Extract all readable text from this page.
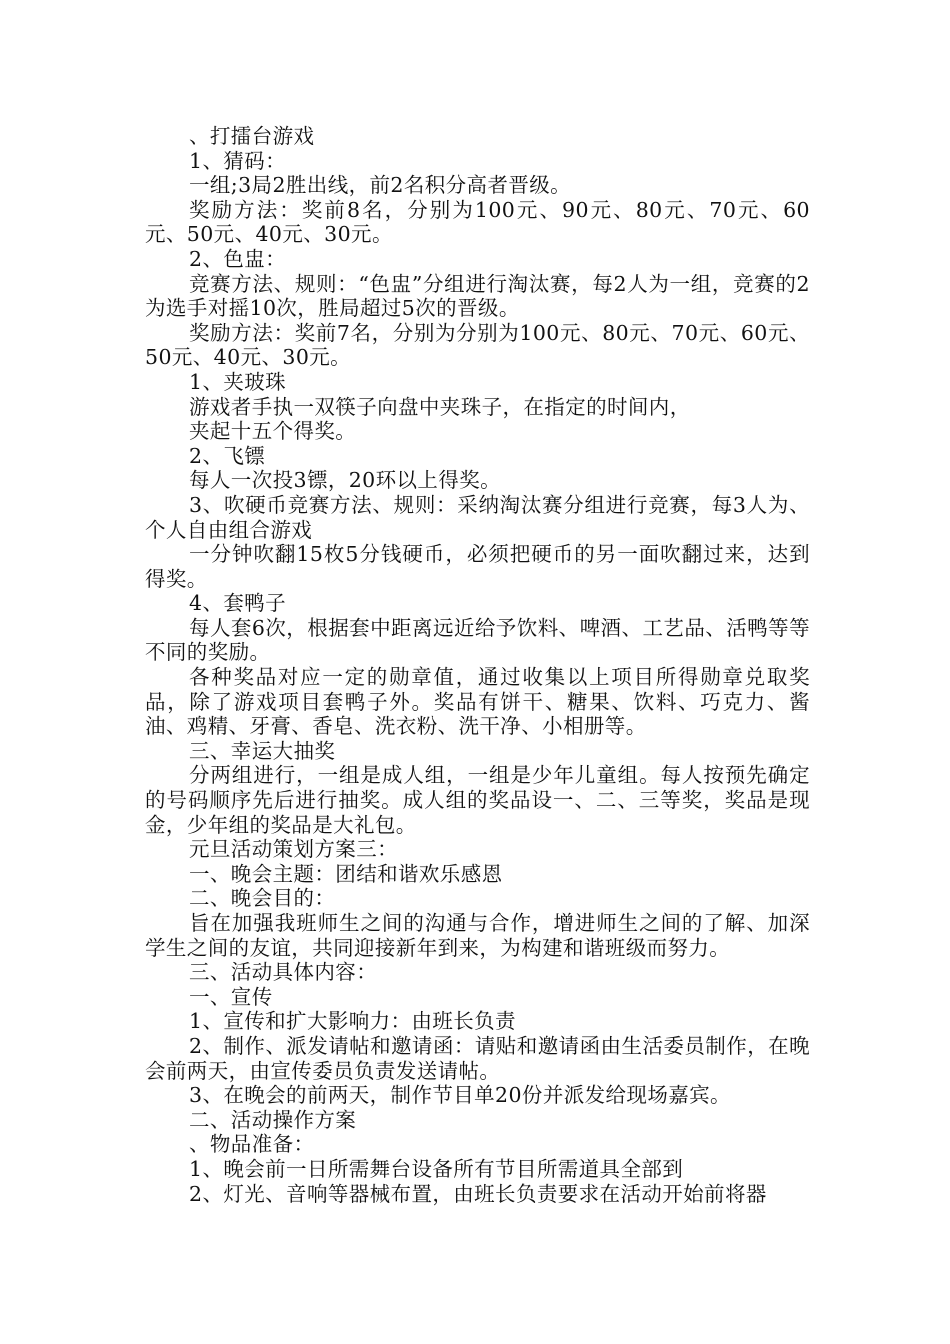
、打擂台游戏

1、猜码：

一组;3局2胜出线，前2名积分高者晋级。

奖励方法：奖前8名，分别为100元、90元、80元、70元、60元、50元、40元、30元。

2、色盅：

竞赛方法、规则：“色盅”分组进行淘汰赛，每2人为一组，竞赛的2为选手对摇10次，胜局超过5次的晋级。

奖励方法：奖前7名，分别为分别为100元、80元、70元、60元、50元、40元、30元。

1、夹玻珠

游戏者手执一双筷子向盘中夹珠子，在指定的时间内，

夹起十五个得奖。

2、飞镖

每人一次投3镖，20环以上得奖。

3、吹硬币竞赛方法、规则：采纳淘汰赛分组进行竞赛，每3人为、个人自由组合游戏

一分钟吹翻15枚5分钱硬币，必须把硬币的另一面吹翻过来，达到得奖。

4、套鸭子

每人套6次，根据套中距离远近给予饮料、啤酒、工艺品、活鸭等等不同的奖励。

各种奖品对应一定的勋章值，通过收集以上项目所得勋章兑取奖品，除了游戏项目套鸭子外。奖品有饼干、糖果、饮料、巧克力、酱油、鸡精、牙膏、香皂、洗衣粉、洗干净、小相册等。

三、幸运大抽奖

分两组进行，一组是成人组，一组是少年儿童组。每人按预先确定的号码顺序先后进行抽奖。成人组的奖品设一、二、三等奖，奖品是现金，少年组的奖品是大礼包。

元旦活动策划方案三：

一、晚会主题：团结和谐欢乐感恩

二、晚会目的：

旨在加强我班师生之间的沟通与合作，增进师生之间的了解、加深学生之间的友谊，共同迎接新年到来，为构建和谐班级而努力。

三、活动具体内容：

一、宣传

1、宣传和扩大影响力：由班长负责

2、制作、派发请帖和邀请函：请贴和邀请函由生活委员制作，在晚会前两天，由宣传委员负责发送请帖。

3、在晚会的前两天，制作节目单20份并派发给现场嘉宾。

二、活动操作方案

、物品准备：

1、晚会前一日所需舞台设备所有节目所需道具全部到

2、灯光、音响等器械布置，由班长负责要求在活动开始前将器
